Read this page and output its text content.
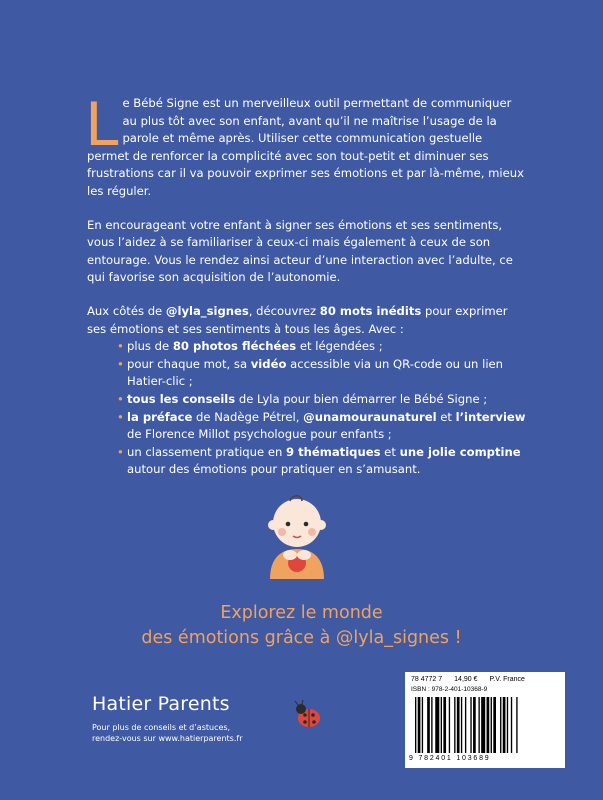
Le Bébé Signe est un merveilleux outil permettant de communiquer au plus tôt avec son enfant, avant qu’il ne maîtrise l’usage de la parole et même après. Utiliser cette communication gestuelle permet de renforcer la complicité avec son tout-petit et diminuer ses frustrations car il va pouvoir exprimer ses émotions et par là-même, mieux les réguler.

En encourageant votre enfant à signer ses émotions et ses sentiments, vous l’aidez à se familiariser à ceux-ci mais également à ceux de son entourage. Vous le rendez ainsi acteur d’une interaction avec l’adulte, ce qui favorise son acquisition de l’autonomie.

Aux côtés de @lyla_signes, découvrez 80 mots inédits pour exprimer ses émotions et ses sentiments à tous les âges. Avec :

• plus de 80 photos fléchées et légendées ;
• pour chaque mot, sa vidéo accessible via un QR-code ou un lien Hatier-clic ;
• tous les conseils de Lyla pour bien démarrer le Bébé Signe ;
• la préface de Nadège Pétrel, @unamouraunaturel et l’interview de Florence Millot psychologue pour enfants ;
• un classement pratique en 9 thématiques et une jolie comptine autour des émotions pour pratiquer en s’amusant.
Explorez le monde
des émotions grâce à @lyla_signes !
Hatier Parents
Pour plus de conseils et d’astuces,
rendez-vous sur www.hatierparents.fr
78 4772 7 14,90 € P.V. France
ISBN : 978-2-401-10368-9
9 782401 103689
